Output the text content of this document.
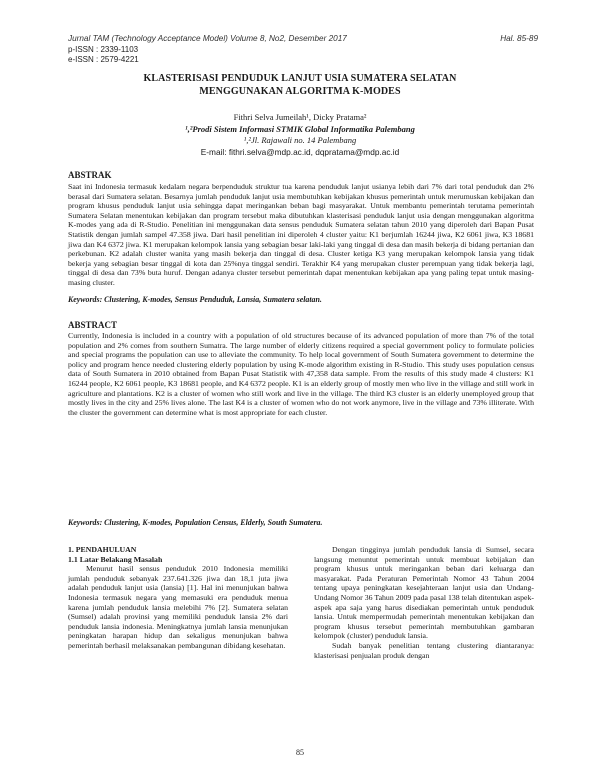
Jurnal TAM (Technology Acceptance Model) Volume 8, No2, Desember 2017	Hal. 85-89
p-ISSN : 2339-1103
e-ISSN : 2579-4221
KLASTERISASI PENDUDUK LANJUT USIA SUMATERA SELATAN
MENGGUNAKAN ALGORITMA K-MODES
Fithri Selva Jumeilah¹, Dicky Pratama²
¹,²Prodi Sistem Informasi STMIK Global Informatika Palembang
¹,²Jl. Rajawali no. 14 Palembang
E-mail: fithri.selva@mdp.ac.id, dqpratama@mdp.ac.id
ABSTRAK

Saat ini Indonesia termasuk kedalam negara berpenduduk struktur tua karena penduduk lanjut usianya lebih dari 7% dari total penduduk dan 2% berasal dari Sumatera selatan. Besarnya jumlah penduduk lanjut usia membutuhkan kebijakan khusus pemerintah untuk merumuskan kebijakan dan program khusus penduduk lanjut usia sehingga dapat meringankan beban bagi masyarakat. Untuk membantu pemerintah terutama pemerintah Sumatera Selatan menentukan kebijakan dan program tersebut maka dibutuhkan klasterisasi penduduk lanjut usia dengan menggunakan algoritma K-modes yang ada di R-Studio. Penelitian ini menggunakan data sensus penduduk Sumatera selatan tahun 2010 yang diperoleh dari Bapan Pusat Statistik dengan jumlah sampel 47.358 jiwa. Dari hasil penelitian ini diperoleh 4 cluster yaitu: K1 berjumlah 16244 jiwa, K2 6061 jiwa, K3 18681 jiwa dan K4 6372 jiwa. K1 merupakan kelompok lansia yang sebagian besar laki-laki yang tinggal di desa dan masih bekerja di bidang pertanian dan perkebunan. K2 adalah cluster wanita yang masih bekerja dan tinggal di desa. Cluster ketiga K3 yang merupakan kelompok lansia yang tidak bekerja yang sebagian besar tinggal di kota dan 25%nya tinggal sendiri. Terakhir K4 yang merupakan cluster perempuan yang tidak bekerja lagi, tinggal di desa dan 73% buta huruf. Dengan adanya cluster tersebut pemerintah dapat menentukan kebijakan apa yang paling tepat untuk masing-masing cluster.

Keywords: Clustering, K-modes, Sensus Penduduk, Lansia, Sumatera selatan.
ABSTRACT

Currently, Indonesia is included in a country with a population of old structures because of its advanced population of more than 7% of the total population and 2% comes from southern Sumatra. The large number of elderly citizens required a special government policy to formulate policies and special programs the population can use to alleviate the community. To help local government of South Sumatera government to determine the policy and program hence needed clustering elderly population by using K-mode algorithm existing in R-Studio. This study uses population census data of South Sumatera in 2010 obtained from Bapan Pusat Statistik with 47,358 data sample. From the results of this study made 4 clusters: K1 16244 people, K2 6061 people, K3 18681 people, and K4 6372 people. K1 is an elderly group of mostly men who live in the village and still work in agriculture and plantations. K2 is a cluster of women who still work and live in the village. The third K3 cluster is an elderly unemployed group that mostly lives in the city and 25% lives alone. The last K4 is a cluster of women who do not work anymore, live in the village and 73% illiterate. With the cluster the government can determine what is most appropriate for each cluster.

Keywords: Clustering, K-modes, Population Census, Elderly, South Sumatera.

1. PENDAHULUAN

1.1 Latar Belakang Masalah

Menurut hasil sensus penduduk 2010 Indonesia memiliki jumlah penduduk sebanyak 237.641.326 jiwa dan 18,1 juta jiwa adalah penduduk lanjut usia (lansia) [1]. Hal ini menunjukan bahwa Indonesia termasuk negara yang memasuki era penduduk menua karena jumlah penduduk lansia melebihi 7% [2]. Sumatera selatan (Sumsel) adalah provinsi yang memiliki penduduk lansia 2% dari penduduk lansia indonesia. Meningkatnya jumlah lansia menunjukan peningkatan harapan hidup dan sekaligus menunjukan bahwa pemerintah berhasil melaksanakan pembangunan dibidang kesehatan.

Dengan tingginya jumlah penduduk lansia di Sumsel, secara langsung menuntut pemerintah untuk membuat kebijakan dan program khusus untuk meringankan beban dari keluarga dan masyarakat. Pada Peraturan Pemerintah Nomor 43 Tahun 2004 tentang upaya peningkatan kesejahteraan lanjut usia dan Undang-Undang Nomor 36 Tahun 2009 pada pasal 138 telah ditentukan aspek-aspek apa saja yang harus disediakan pemerintah untuk penduduk lansia. Untuk mempermudah pemerintah menentukan kebijakan dan program khusus tersebut pemerintah membutuhkan gambaran kelompok (cluster) penduduk lansia.

Sudah banyak penelitian tentang clustering diantaranya: klasterisasi penjualan produk dengan

85
